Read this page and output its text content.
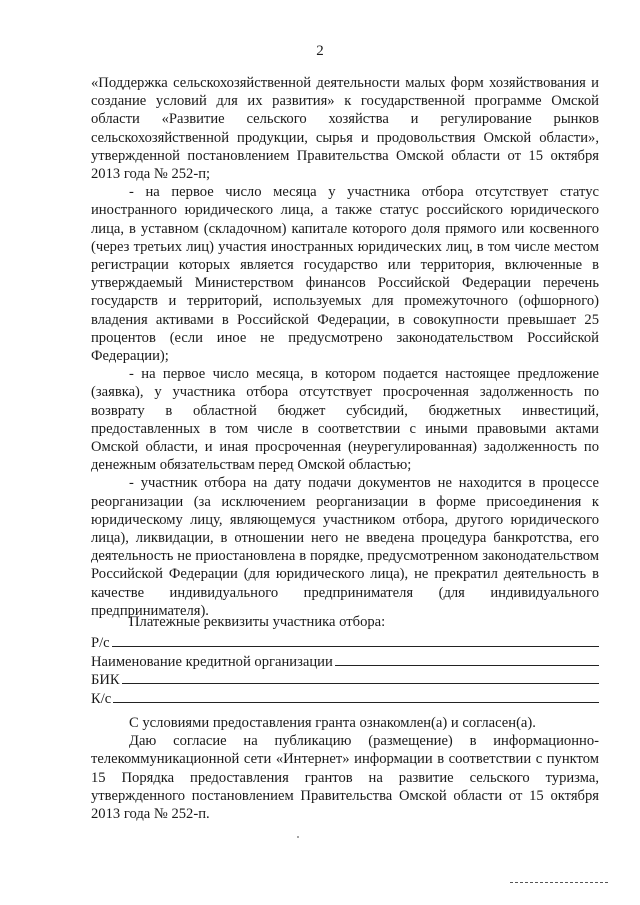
2

«Поддержка сельскохозяйственной деятельности малых форм хозяйствования и создание условий для их развития» к государственной программе Омской области «Развитие сельского хозяйства и регулирование рынков сельскохозяйственной продукции, сырья и продовольствия Омской области», утвержденной постановлением Правительства Омской области от 15 октября 2013 года № 252-п;

- на первое число месяца у участника отбора отсутствует статус иностранного юридического лица, а также статус российского юридического лица, в уставном (складочном) капитале которого доля прямого или косвенного (через третьих лиц) участия иностранных юридических лиц, в том числе местом регистрации которых является государство или территория, включенные в утверждаемый Министерством финансов Российской Федерации перечень государств и территорий, используемых для промежуточного (офшорного) владения активами в Российской Федерации, в совокупности превышает 25 процентов (если иное не предусмотрено законодательством Российской Федерации);

- на первое число месяца, в котором подается настоящее предложение (заявка), у участника отбора отсутствует просроченная задолженность по возврату в областной бюджет субсидий, бюджетных инвестиций, предоставленных в том числе в соответствии с иными правовыми актами Омской области, и иная просроченная (неурегулированная) задолженность по денежным обязательствам перед Омской областью;

- участник отбора на дату подачи документов не находится в процессе реорганизации (за исключением реорганизации в форме присоединения к юридическому лицу, являющемуся участником отбора, другого юридического лица), ликвидации, в отношении него не введена процедура банкротства, его деятельность не приостановлена в порядке, предусмотренном законодательством Российской Федерации (для юридического лица), не прекратил деятельность в качестве индивидуального предпринимателя (для индивидуального предпринимателя).

Платежные реквизиты участника отбора:
Р/с
Наименование кредитной организации
БИК
К/с

С условиями предоставления гранта ознакомлен(а) и согласен(а).

Даю согласие на публикацию (размещение) в информационно-телекоммуникационной сети «Интернет» информации в соответствии с пунктом 15 Порядка предоставления грантов на развитие сельского туризма, утвержденного постановлением Правительства Омской области от 15 октября 2013 года № 252-п.
